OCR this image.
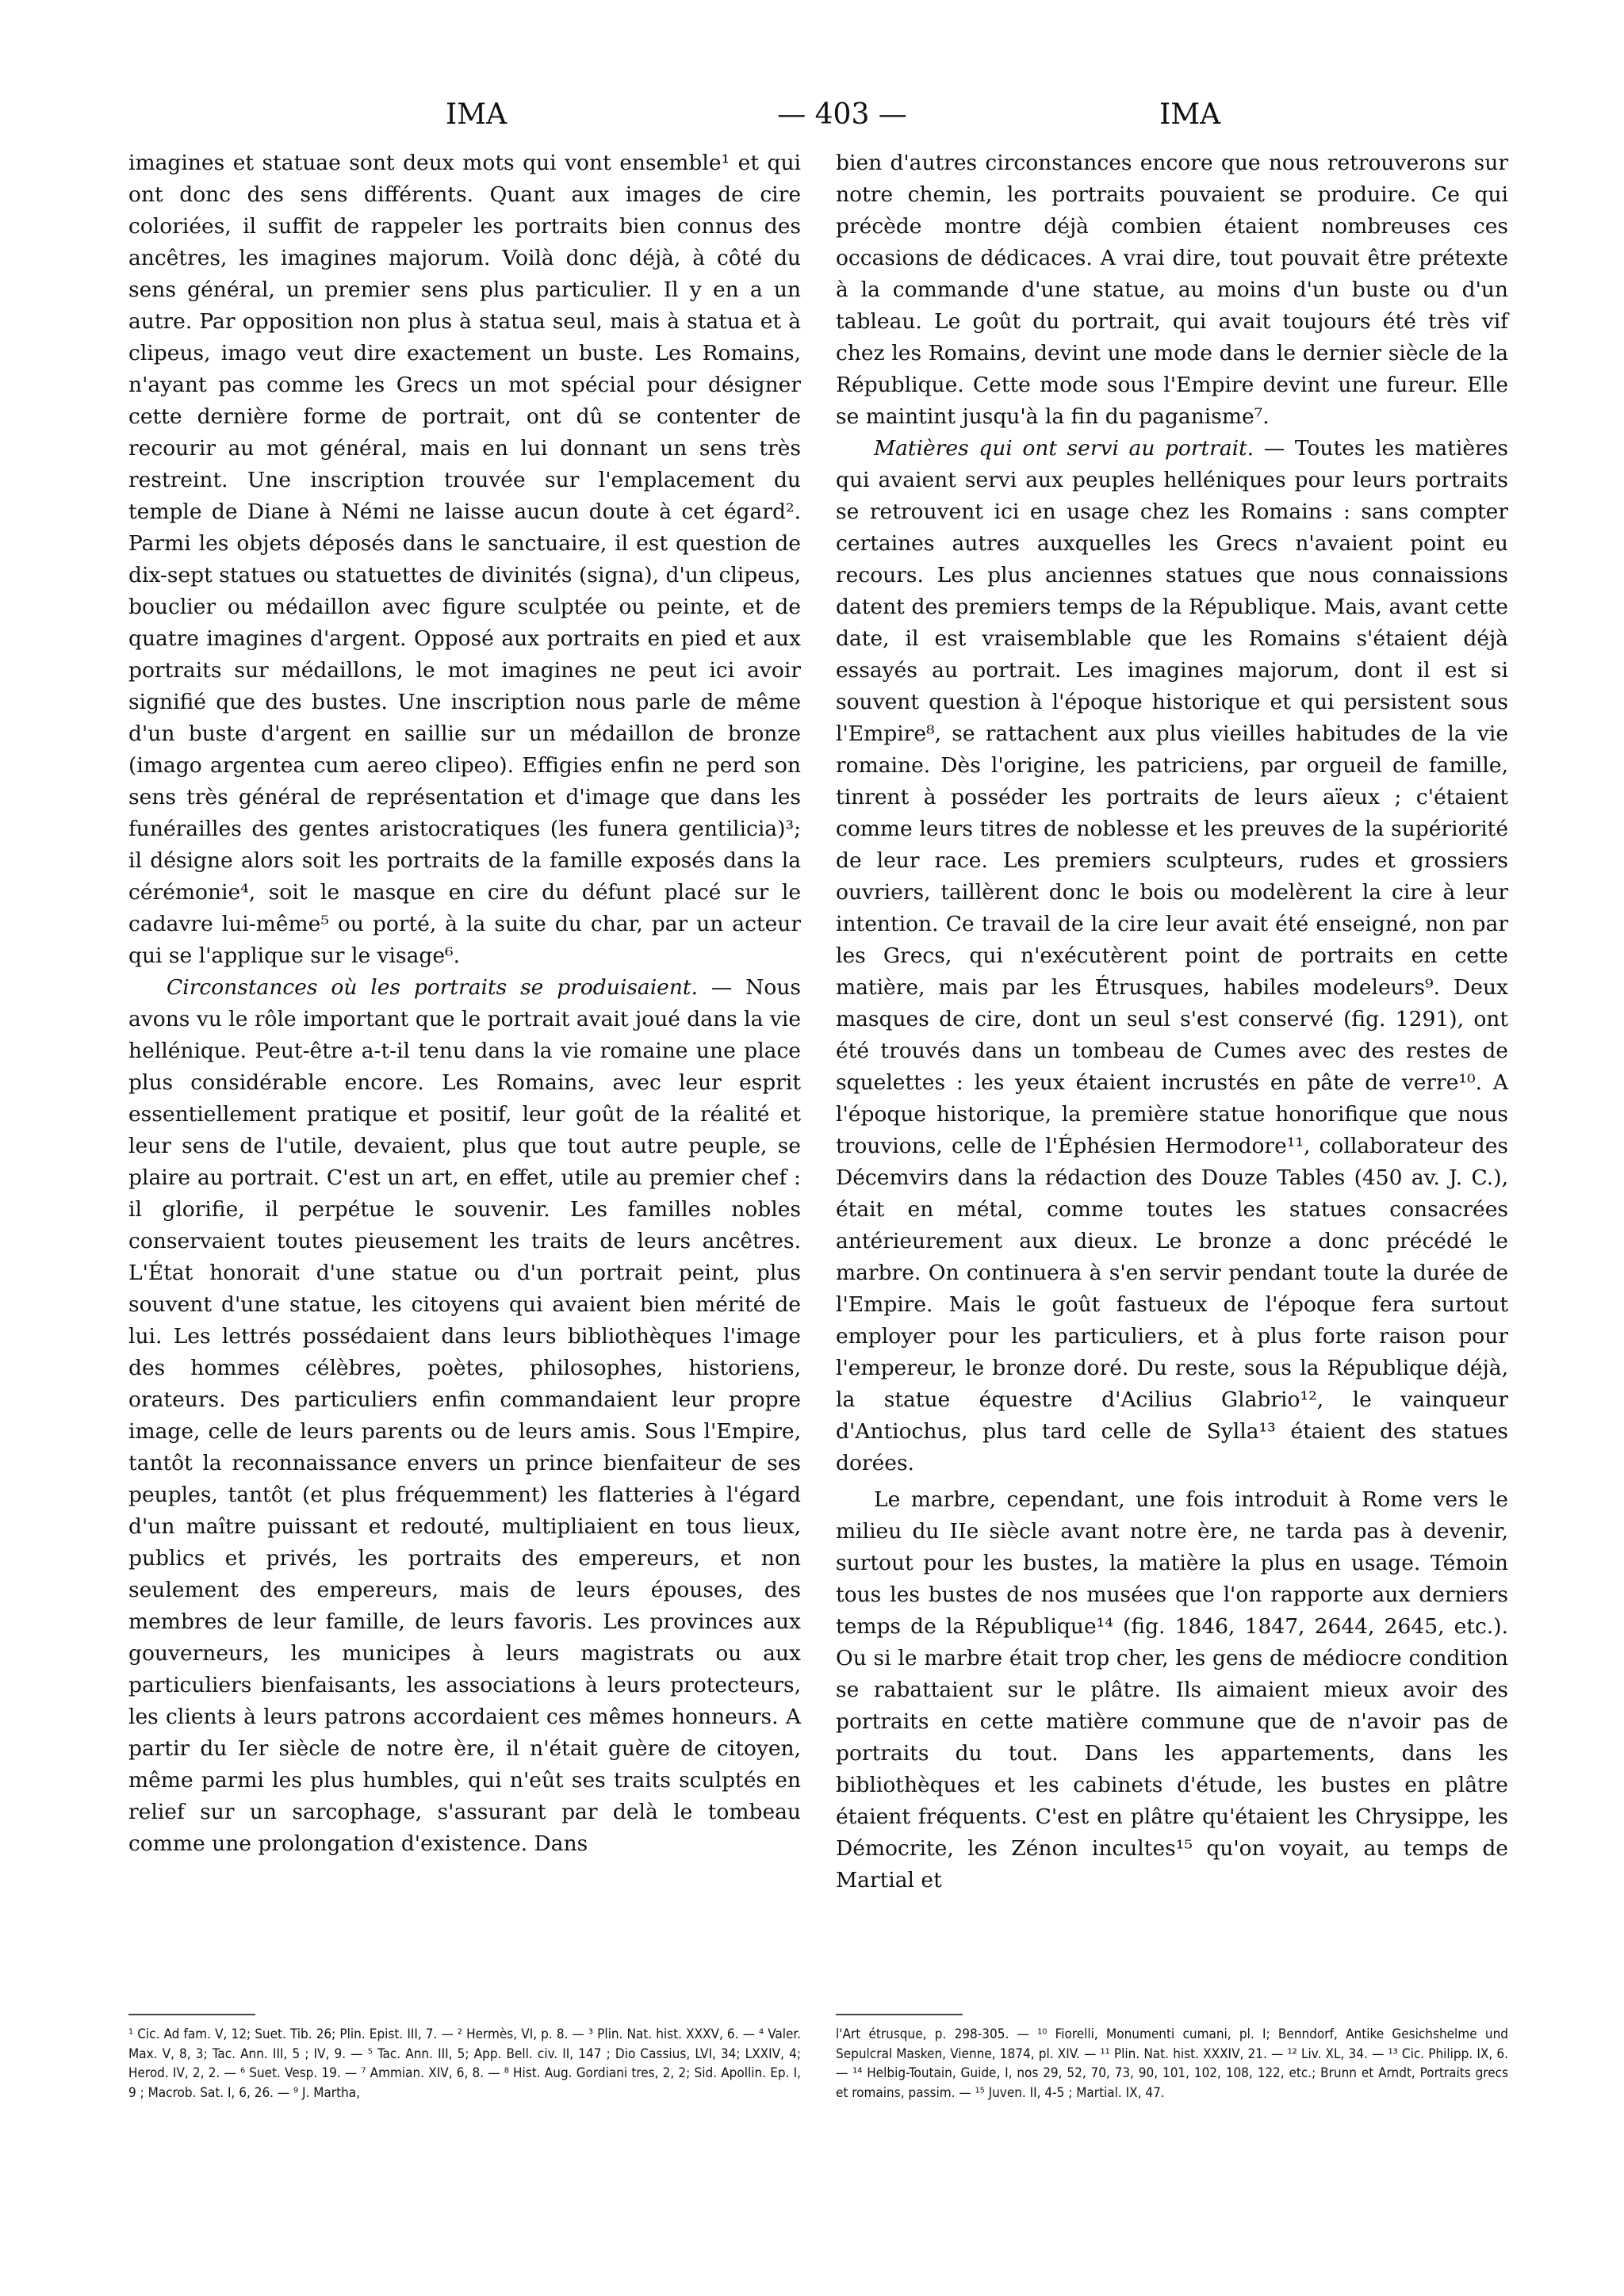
IMA	— 403 —	IMA

imagines et statuae sont deux mots qui vont ensemble¹ et qui ont donc des sens différents. Quant aux images de cire coloriées, il suffit de rappeler les portraits bien connus des ancêtres, les imagines majorum. Voilà donc déjà, à côté du sens général, un premier sens plus particulier. Il y en a un autre. Par opposition non plus à statua seul, mais à statua et à clipeus, imago veut dire exactement un buste. Les Romains, n'ayant pas comme les Grecs un mot spécial pour désigner cette dernière forme de portrait, ont dû se contenter de recourir au mot général, mais en lui donnant un sens très restreint. Une inscription trouvée sur l'emplacement du temple de Diane à Némi ne laisse aucun doute à cet égard². Parmi les objets déposés dans le sanctuaire, il est question de dix-sept statues ou statuettes de divinités (signa), d'un clipeus, bouclier ou médaillon avec figure sculptée ou peinte, et de quatre imagines d'argent. Opposé aux portraits en pied et aux portraits sur médaillons, le mot imagines ne peut ici avoir signifié que des bustes. Une inscription nous parle de même d'un buste d'argent en saillie sur un médaillon de bronze (imago argentea cum aereo clipeo). Effigies enfin ne perd son sens très général de représentation et d'image que dans les funérailles des gentes aristocratiques (les funera gentilicia)³; il désigne alors soit les portraits de la famille exposés dans la cérémonie⁴, soit le masque en cire du défunt placé sur le cadavre lui-même⁵ ou porté, à la suite du char, par un acteur qui se l'applique sur le visage⁶.

Circonstances où les portraits se produisaient. — Nous avons vu le rôle important que le portrait avait joué dans la vie hellénique. Peut-être a-t-il tenu dans la vie romaine une place plus considérable encore. Les Romains, avec leur esprit essentiellement pratique et positif, leur goût de la réalité et leur sens de l'utile, devaient, plus que tout autre peuple, se plaire au portrait. C'est un art, en effet, utile au premier chef : il glorifie, il perpétue le souvenir. Les familles nobles conservaient toutes pieusement les traits de leurs ancêtres. L'État honorait d'une statue ou d'un portrait peint, plus souvent d'une statue, les citoyens qui avaient bien mérité de lui. Les lettrés possédaient dans leurs bibliothèques l'image des hommes célèbres, poètes, philosophes, historiens, orateurs. Des particuliers enfin commandaient leur propre image, celle de leurs parents ou de leurs amis. Sous l'Empire, tantôt la reconnaissance envers un prince bienfaiteur de ses peuples, tantôt (et plus fréquemment) les flatteries à l'égard d'un maître puissant et redouté, multipliaient en tous lieux, publics et privés, les portraits des empereurs, et non seulement des empereurs, mais de leurs épouses, des membres de leur famille, de leurs favoris. Les provinces aux gouverneurs, les municipes à leurs magistrats ou aux particuliers bienfaisants, les associations à leurs protecteurs, les clients à leurs patrons accordaient ces mêmes honneurs. A partir du Ier siècle de notre ère, il n'était guère de citoyen, même parmi les plus humbles, qui n'eût ses traits sculptés en relief sur un sarcophage, s'assurant par delà le tombeau comme une prolongation d'existence. Dans

bien d'autres circonstances encore que nous retrouverons sur notre chemin, les portraits pouvaient se produire. Ce qui précède montre déjà combien étaient nombreuses ces occasions de dédicaces. A vrai dire, tout pouvait être prétexte à la commande d'une statue, au moins d'un buste ou d'un tableau. Le goût du portrait, qui avait toujours été très vif chez les Romains, devint une mode dans le dernier siècle de la République. Cette mode sous l'Empire devint une fureur. Elle se maintint jusqu'à la fin du paganisme⁷.

Matières qui ont servi au portrait. — Toutes les matières qui avaient servi aux peuples helléniques pour leurs portraits se retrouvent ici en usage chez les Romains : sans compter certaines autres auxquelles les Grecs n'avaient point eu recours. Les plus anciennes statues que nous connaissions datent des premiers temps de la République. Mais, avant cette date, il est vraisemblable que les Romains s'étaient déjà essayés au portrait. Les imagines majorum, dont il est si souvent question à l'époque historique et qui persistent sous l'Empire⁸, se rattachent aux plus vieilles habitudes de la vie romaine. Dès l'origine, les patriciens, par orgueil de famille, tinrent à posséder les portraits de leurs aïeux ; c'étaient comme leurs titres de noblesse et les preuves de la supériorité de leur race. Les premiers sculpteurs, rudes et grossiers ouvriers, taillèrent donc le bois ou modelèrent la cire à leur intention. Ce travail de la cire leur avait été enseigné, non par les Grecs, qui n'exécutèrent point de portraits en cette matière, mais par les Étrusques, habiles modeleurs⁹. Deux masques de cire, dont un seul s'est conservé (fig. 1291), ont été trouvés dans un tombeau de Cumes avec des restes de squelettes : les yeux étaient incrustés en pâte de verre¹⁰. A l'époque historique, la première statue honorifique que nous trouvions, celle de l'Éphésien Hermodore¹¹, collaborateur des Décemvirs dans la rédaction des Douze Tables (450 av. J. C.), était en métal, comme toutes les statues consacrées antérieurement aux dieux. Le bronze a donc précédé le marbre. On continuera à s'en servir pendant toute la durée de l'Empire. Mais le goût fastueux de l'époque fera surtout employer pour les particuliers, et à plus forte raison pour l'empereur, le bronze doré. Du reste, sous la République déjà, la statue équestre d'Acilius Glabrio¹², le vainqueur d'Antiochus, plus tard celle de Sylla¹³ étaient des statues dorées.

Le marbre, cependant, une fois introduit à Rome vers le milieu du IIe siècle avant notre ère, ne tarda pas à devenir, surtout pour les bustes, la matière la plus en usage. Témoin tous les bustes de nos musées que l'on rapporte aux derniers temps de la République¹⁴ (fig. 1846, 1847, 2644, 2645, etc.). Ou si le marbre était trop cher, les gens de médiocre condition se rabattaient sur le plâtre. Ils aimaient mieux avoir des portraits en cette matière commune que de n'avoir pas de portraits du tout. Dans les appartements, dans les bibliothèques et les cabinets d'étude, les bustes en plâtre étaient fréquents. C'est en plâtre qu'étaient les Chrysippe, les Démocrite, les Zénon incultes¹⁵ qu'on voyait, au temps de Martial et

¹ Cic. Ad fam. V, 12; Suet. Tib. 26; Plin. Epist. III, 7. — ² Hermès, VI, p. 8. — ³ Plin. Nat. hist. XXXV, 6. — ⁴ Valer. Max. V, 8, 3; Tac. Ann. III, 5 ; IV, 9. — ⁵ Tac. Ann. III, 5; App. Bell. civ. II, 147 ; Dio Cassius, LVI, 34; LXXIV, 4; Herod. IV, 2, 2. — ⁶ Suet. Vesp. 19. — ⁷ Ammian. XIV, 6, 8. — ⁸ Hist. Aug. Gordiani tres, 2, 2; Sid. Apollin. Ep. I, 9 ; Macrob. Sat. I, 6, 26. — ⁹ J. Martha,
l'Art étrusque, p. 298-305. — ¹⁰ Fiorelli, Monumenti cumani, pl. I; Benndorf, Antike Gesichshelme und Sepulcral Masken, Vienne, 1874, pl. XIV. — ¹¹ Plin. Nat. hist. XXXIV, 21. — ¹² Liv. XL, 34. — ¹³ Cic. Philipp. IX, 6. — ¹⁴ Helbig-Toutain, Guide, I, nos 29, 52, 70, 73, 90, 101, 102, 108, 122, etc.; Brunn et Arndt, Portraits grecs et romains, passim. — ¹⁵ Juven. II, 4-5 ; Martial. IX, 47.
